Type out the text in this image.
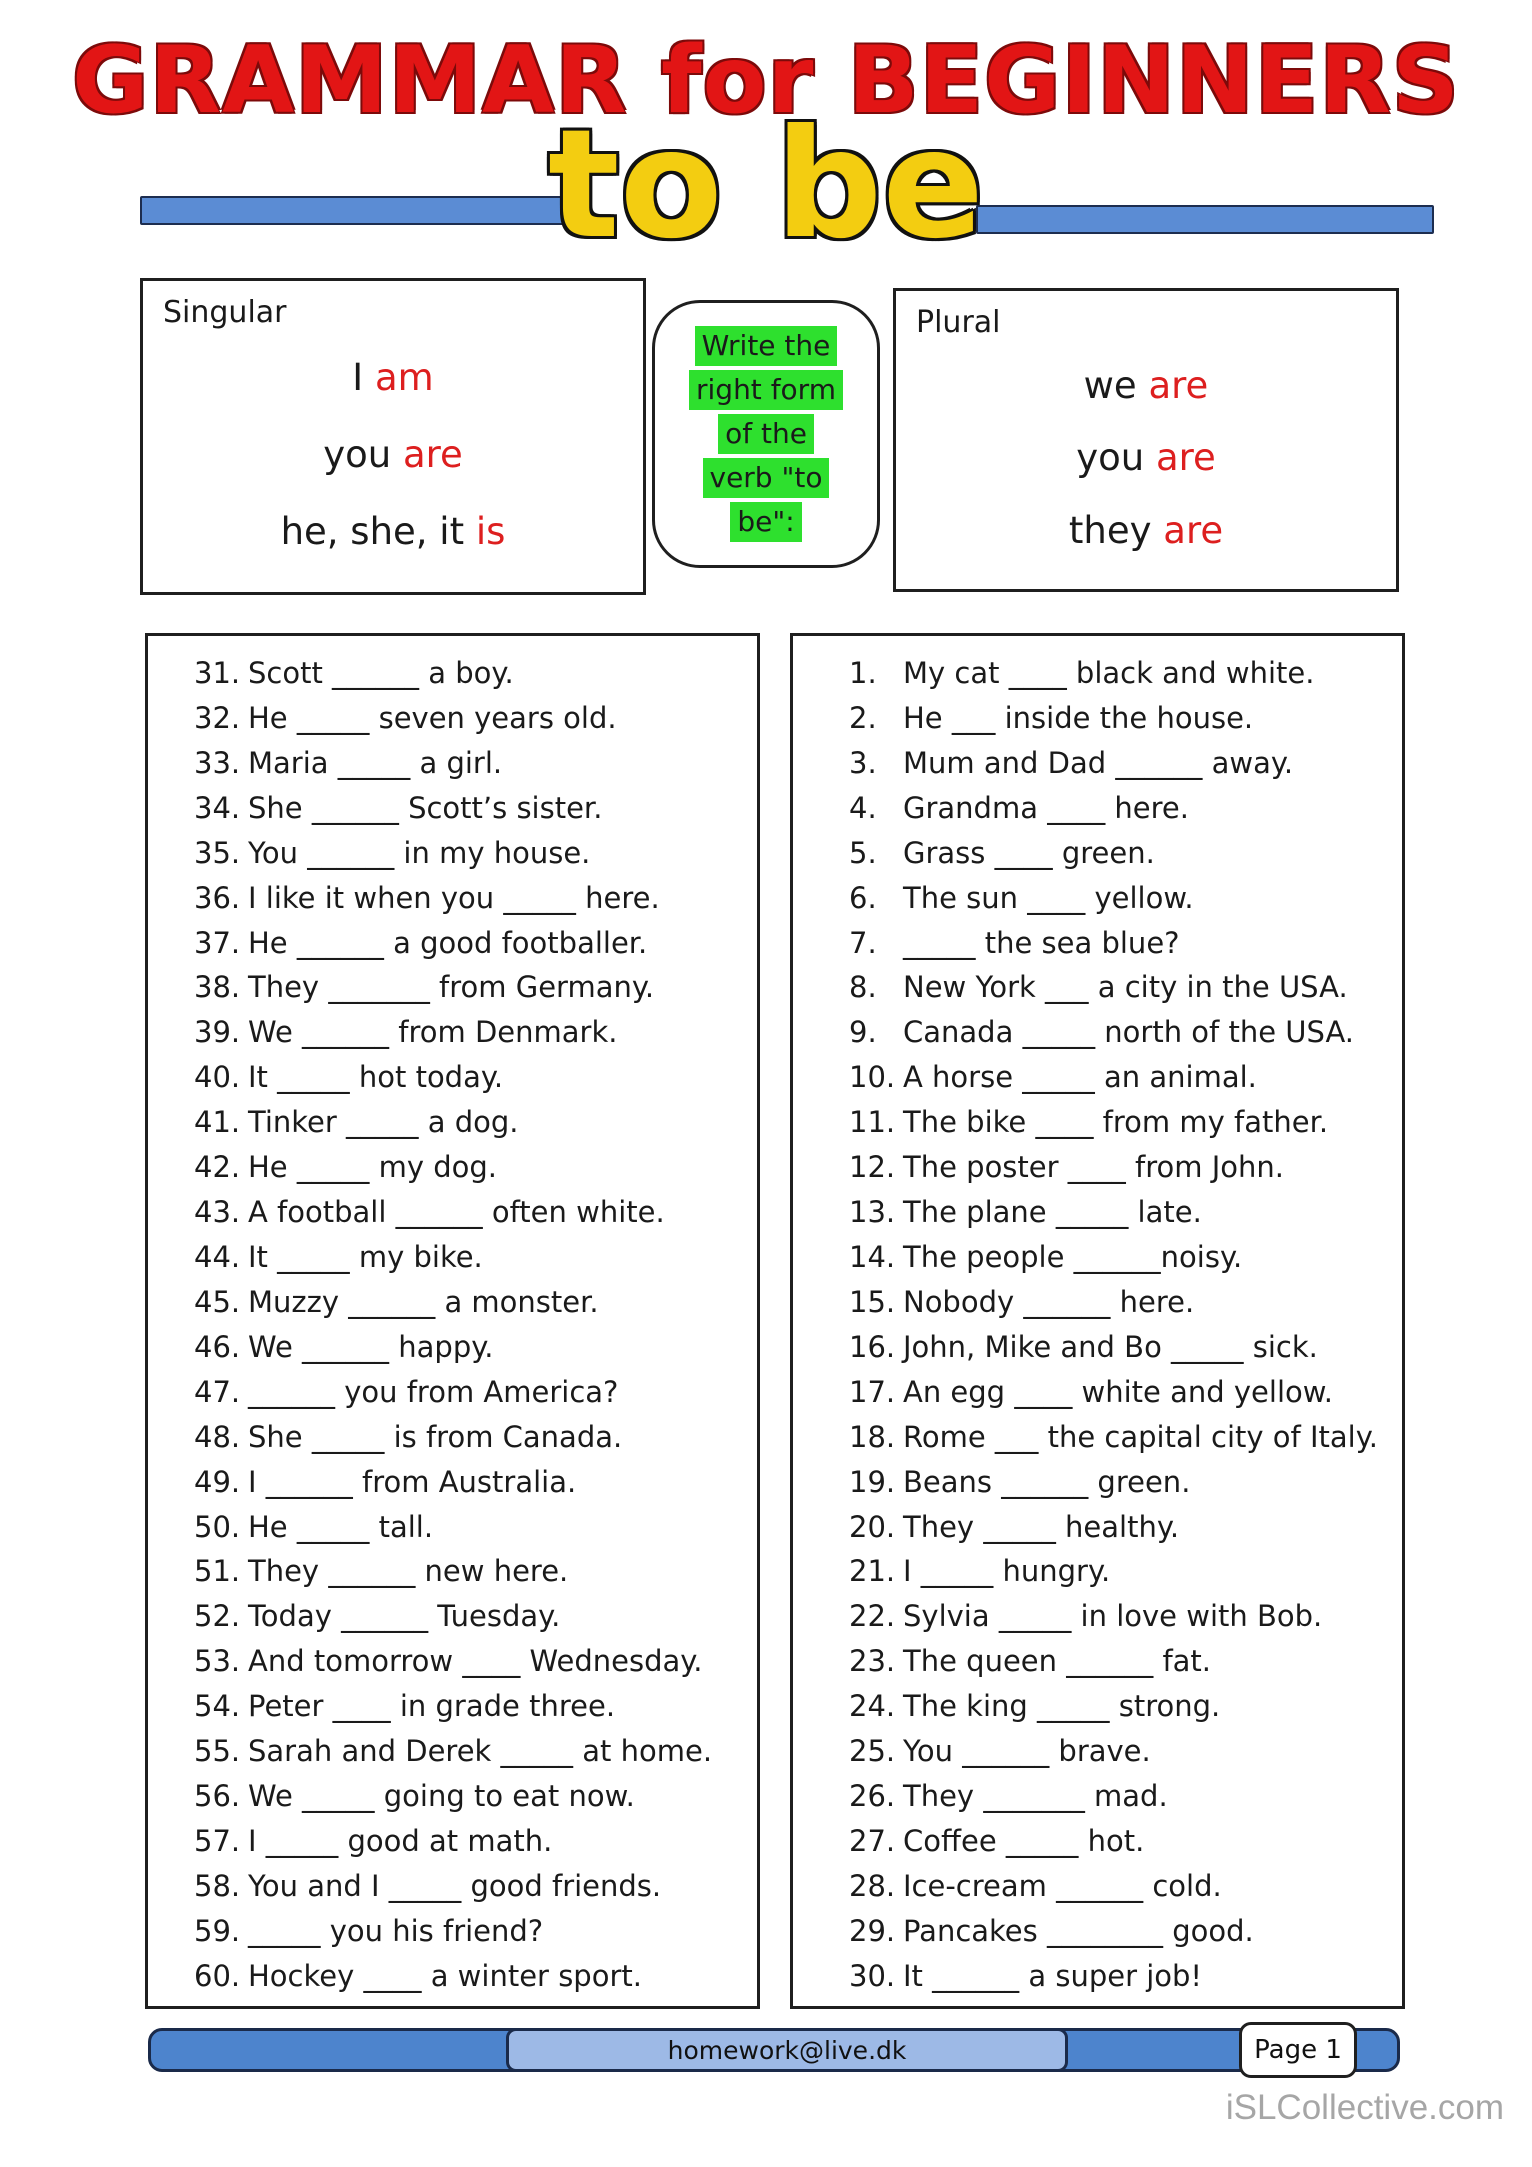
GRAMMAR for BEGINNERS
to be
Singular
I am
you are
he, she, it is
Write the
right form
of the
verb "to
be":
Plural
we are
you are
they are
31. Scott ______ a boy.
32. He _____ seven years old.
33. Maria _____ a girl.
34. She ______ Scott’s sister.
35. You ______ in my house.
36. I like it when you _____ here.
37. He ______ a good footballer.
38. They _______ from Germany.
39. We ______ from Denmark.
40. It _____ hot today.
41. Tinker _____ a dog.
42. He _____ my dog.
43. A football ______ often white.
44. It _____ my bike.
45. Muzzy ______ a monster.
46. We ______ happy.
47. ______ you from America?
48. She _____ is from Canada.
49. I ______ from Australia.
50. He _____ tall.
51. They ______ new here.
52. Today ______ Tuesday.
53. And tomorrow ____ Wednesday.
54. Peter ____ in grade three.
55. Sarah and Derek _____ at home.
56. We _____ going to eat now.
57. I _____ good at math.
58. You and I _____ good friends.
59. _____ you his friend?
60. Hockey ____ a winter sport.
1. My cat ____ black and white.
2. He ___ inside the house.
3. Mum and Dad ______ away.
4. Grandma ____ here.
5. Grass ____ green.
6. The sun ____ yellow.
7. _____ the sea blue?
8. New York ___ a city in the USA.
9. Canada _____ north of the USA.
10. A horse _____ an animal.
11. The bike ____ from my father.
12. The poster ____ from John.
13. The plane _____ late.
14. The people ______noisy.
15. Nobody ______ here.
16. John, Mike and Bo _____ sick.
17. An egg ____ white and yellow.
18. Rome ___ the capital city of Italy.
19. Beans ______ green.
20. They _____ healthy.
21. I _____ hungry.
22. Sylvia _____ in love with Bob.
23. The queen ______ fat.
24. The king _____ strong.
25. You ______ brave.
26. They _______ mad.
27. Coffee _____ hot.
28. Ice-cream ______ cold.
29. Pancakes ________ good.
30. It ______ a super job!
homework@live.dk	Page 1
iSLCollective.com
